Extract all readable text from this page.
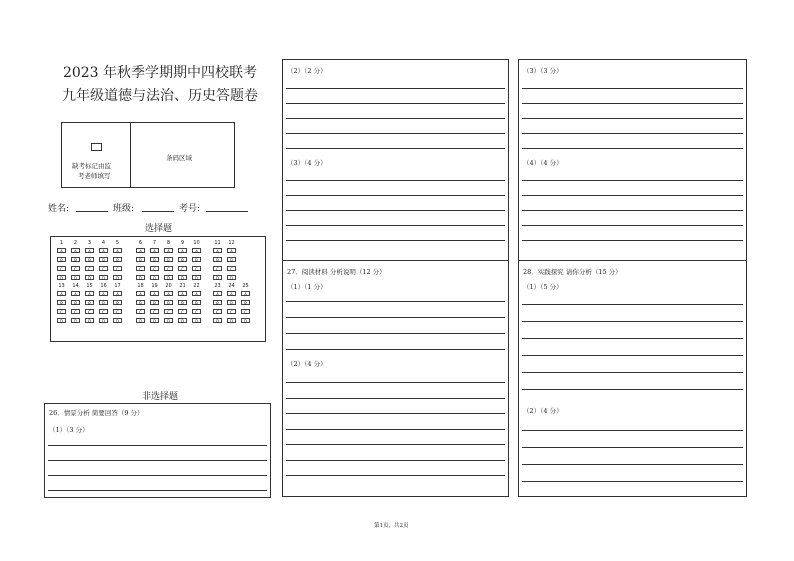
2023 年秋季学期期中四校联考
九年级道德与法治、历史答题卷
缺考标记由监
考老师填写
条码区域
姓名:	班级:	考号:
选择题
1
A
B
C
D
2
A
B
C
D
3
A
B
C
D
4
A
B
C
D
5
A
B
C
D
6
A
B
C
D
7
A
B
C
D
8
A
B
C
D
9
A
B
C
D
10
A
B
C
D
11
A
B
C
D
12
A
B
C
D
13
A
B
C
D
14
A
B
C
D
15
A
B
C
D
16
A
B
C
D
17
A
B
C
D
18
A
B
C
D
19
A
B
C
D
20
A
B
C
D
21
A
B
C
D
22
A
B
C
D
23
A
B
C
D
24
A
B
C
D
25
A
B
C
D
非选择题
26．情景分析 简要回答（9 分）
（1）（3 分）
（2）（2 分）
（3）（4 分）
27．阅读材料 分析说明（12 分）
（1）（1 分）
（2）（4 分）
（3）（3 分）
（4）（4 分）
28．实践探究 请你分析（15 分）
（1）（5 分）
（2）（4 分）
第1页，共2页
